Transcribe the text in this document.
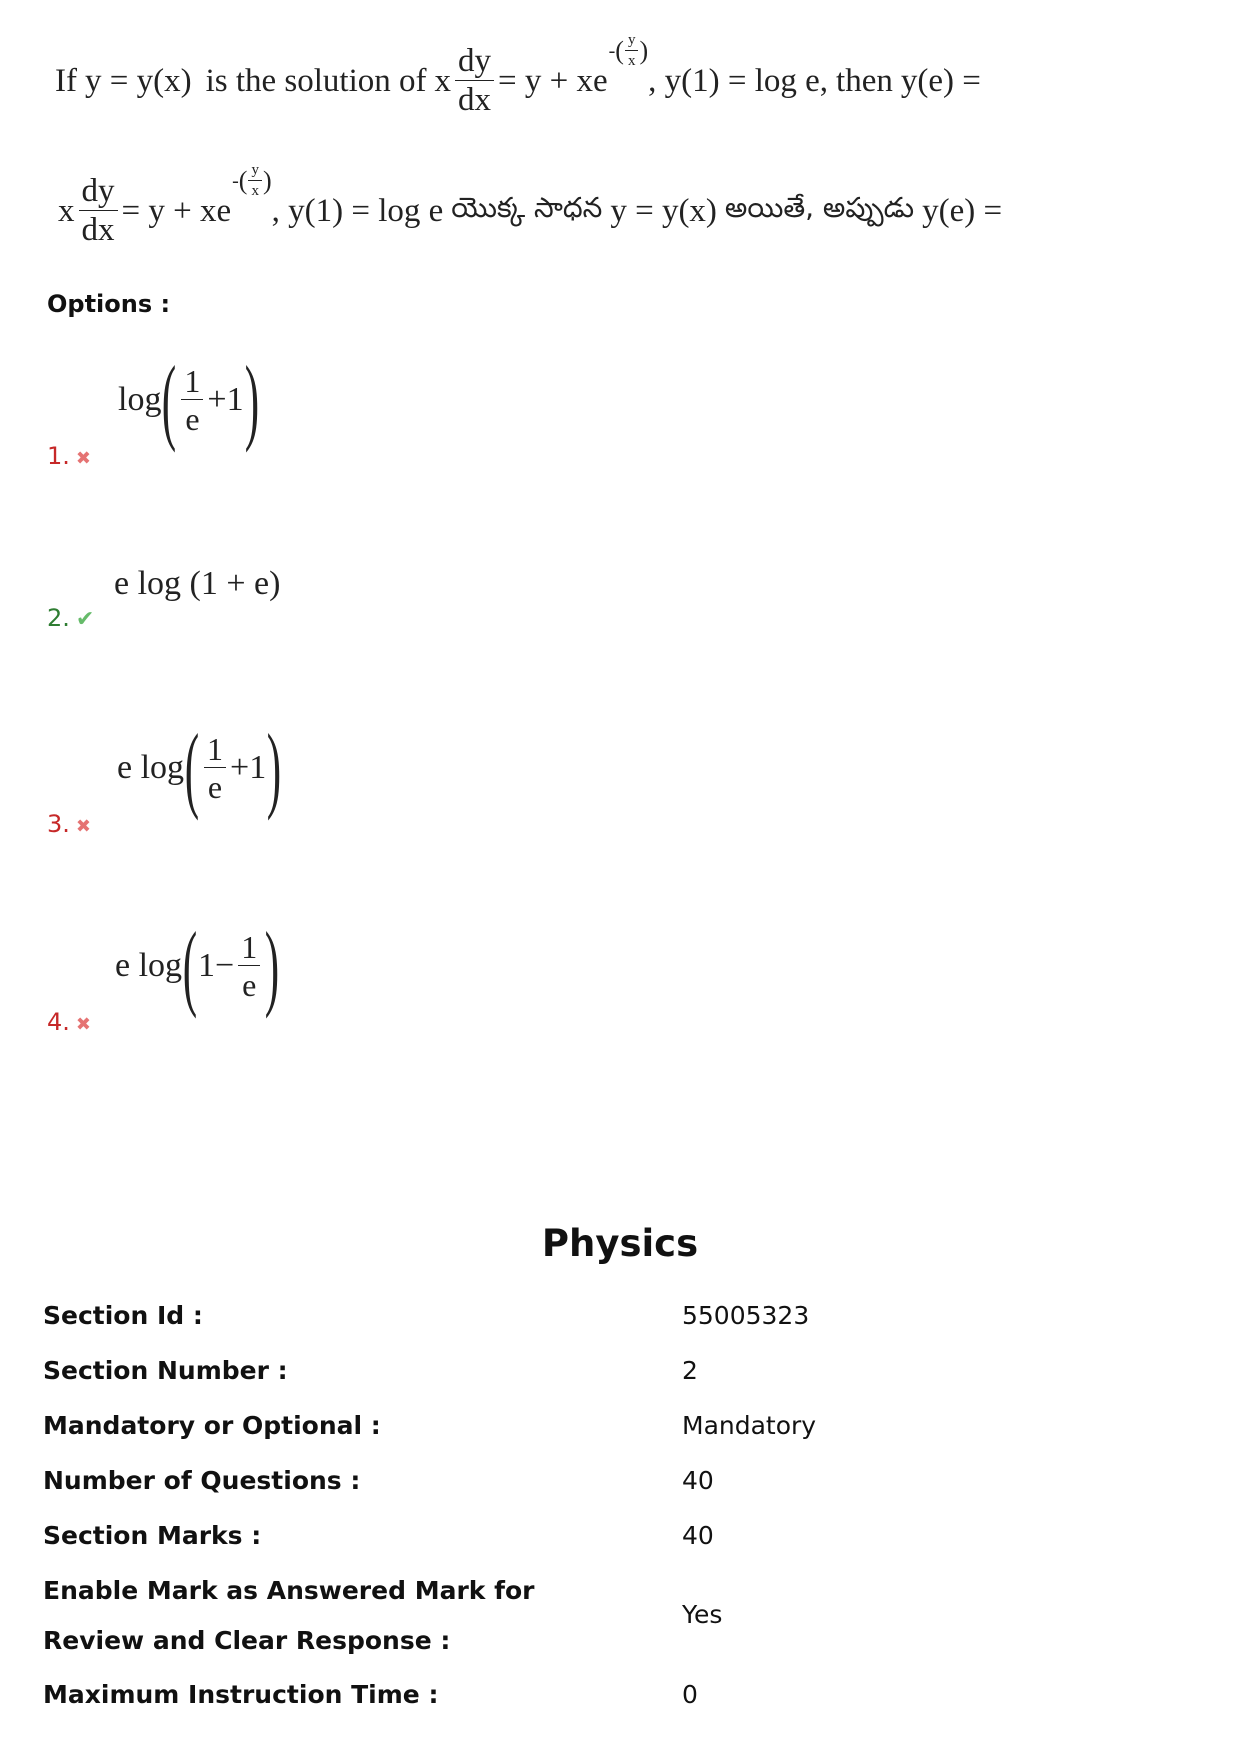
If y = y(x) is the solution of x $\frac{dy}{dx} = y$ + xe
- ( $\frac{y}{x}$ )
, y(1) = log e, then y(e) =
x $\frac{dy}{dx} = y$ + xe
- ( $\frac{y}{x}$ )
, y(1) = log e యొక్క సాధన y = y(x) అయితే, అప్పుడు y(e) =
Options :
1. ✖
log ( $\frac{1}{e} +1$ )
2. ✔
e log (1 + e)
3. ✖
e log ( $\frac{1}{e} +1$ )
4. ✖
e log ( $1- \frac{1}{e}$ )
Physics
Section Id :	55005323
Section Number :	2
Mandatory or Optional :	Mandatory
Number of Questions :	40
Section Marks :	40
Enable Mark as Answered Mark for Review and Clear Response :
Yes
Maximum Instruction Time :	0
